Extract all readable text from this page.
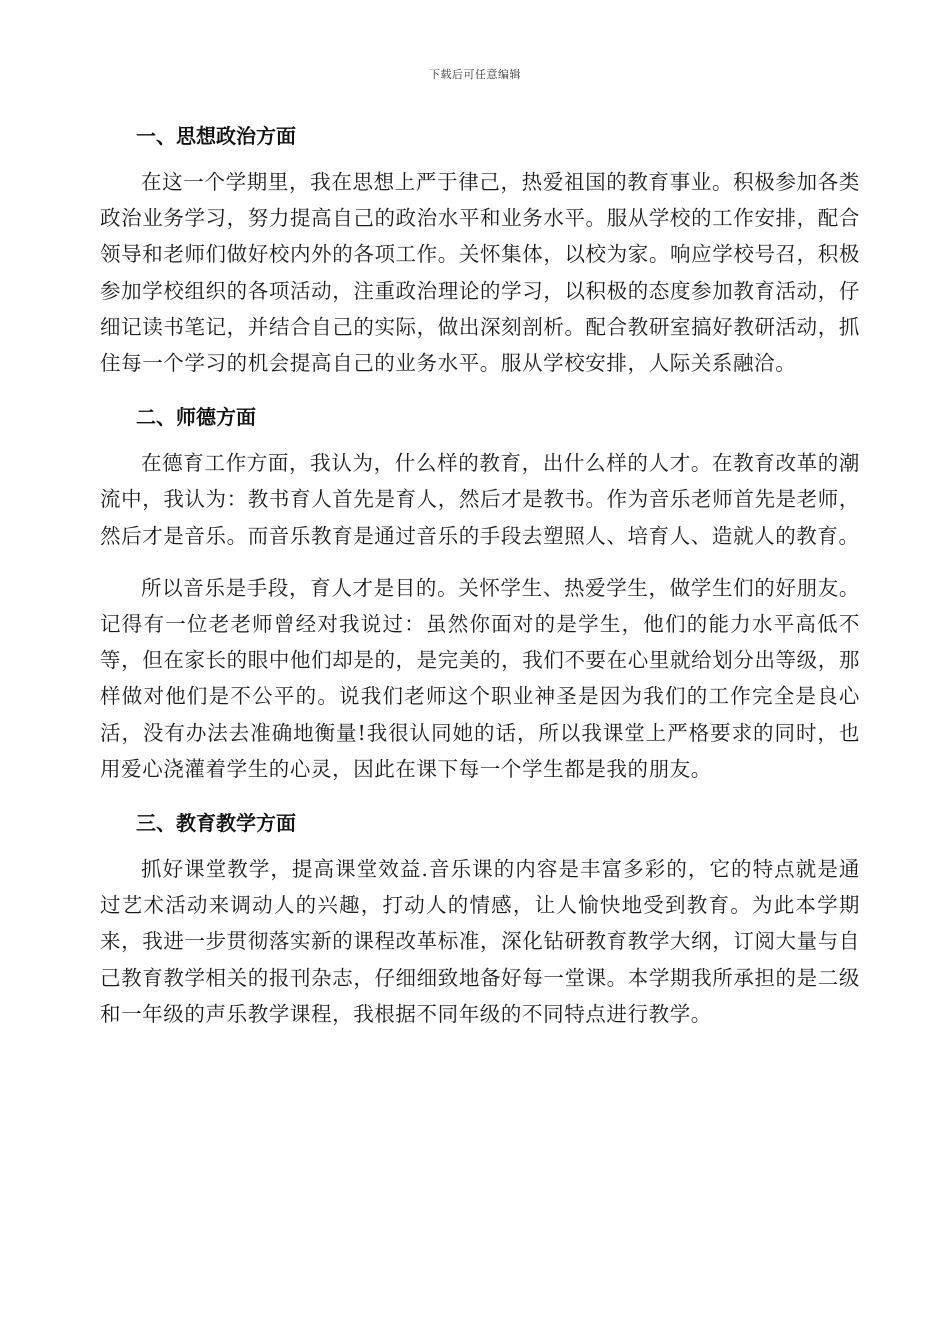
下载后可任意编辑
一、思想政治方面

在这一个学期里，我在思想上严于律己，热爱祖国的教育事业。积极参加各类政治业务学习，努力提高自己的政治水平和业务水平。服从学校的工作安排，配合领导和老师们做好校内外的各项工作。关怀集体，以校为家。响应学校号召，积极参加学校组织的各项活动，注重政治理论的学习，以积极的态度参加教育活动，仔细记读书笔记，并结合自己的实际，做出深刻剖析。配合教研室搞好教研活动，抓住每一个学习的机会提高自己的业务水平。服从学校安排，人际关系融洽。

二、师德方面

在德育工作方面，我认为，什么样的教育，出什么样的人才。在教育改革的潮流中，我认为：教书育人首先是育人，然后才是教书。作为音乐老师首先是老师，然后才是音乐。而音乐教育是通过音乐的手段去塑照人、培育人、造就人的教育。

所以音乐是手段，育人才是目的。关怀学生、热爱学生，做学生们的好朋友。记得有一位老老师曾经对我说过：虽然你面对的是学生，他们的能力水平高低不等，但在家长的眼中他们却是的，是完美的，我们不要在心里就给划分出等级，那样做对他们是不公平的。说我们老师这个职业神圣是因为我们的工作完全是良心活，没有办法去准确地衡量!我很认同她的话，所以我课堂上严格要求的同时，也用爱心浇灌着学生的心灵，因此在课下每一个学生都是我的朋友。

三、教育教学方面

抓好课堂教学，提高课堂效益.音乐课的内容是丰富多彩的，它的特点就是通过艺术活动来调动人的兴趣，打动人的情感，让人愉快地受到教育。为此本学期来，我进一步贯彻落实新的课程改革标准，深化钻研教育教学大纲，订阅大量与自己教育教学相关的报刊杂志，仔细细致地备好每一堂课。本学期我所承担的是二级和一年级的声乐教学课程，我根据不同年级的不同特点进行教学。
